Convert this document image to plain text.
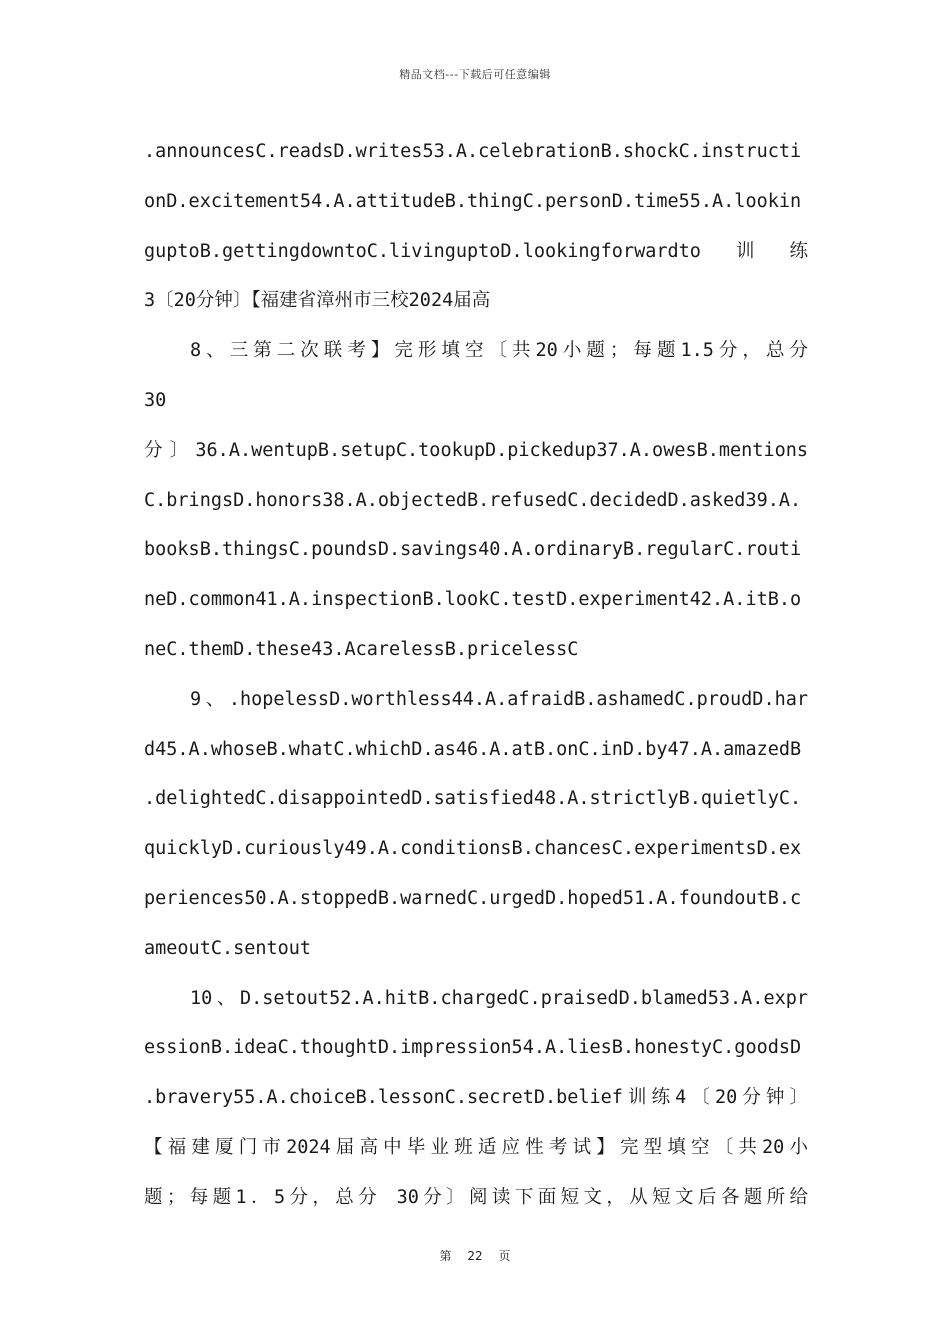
精品文档---下载后可任意编辑
.announcesC.readsD.writes53.A.celebrationB.shockC.instructi
onD.excitement54.A.attitudeB.thingC.personD.time55.A.lookin
guptoB.gettingdowntoC.livinguptoD.lookingforwardto　训　练
3〔20分钟〕【福建省漳州市三校2024届高
8、三第二次联考】完形填空〔共20小题；每题1.5分，总分
30
分〕36.A.wentupB.setupC.tookupD.pickedup37.A.owesB.mentions
C.bringsD.honors38.A.objectedB.refusedC.decidedD.asked39.A.
booksB.thingsC.poundsD.savings40.A.ordinaryB.regularC.routi
neD.common41.A.inspectionB.lookC.testD.experiment42.A.itB.o
neC.themD.these43.AcarelessB.pricelessC
9、.hopelessD.worthless44.A.afraidB.ashamedC.proudD.har
d45.A.whoseB.whatC.whichD.as46.A.atB.onC.inD.by47.A.amazedB
.delightedC.disappointedD.satisfied48.A.strictlyB.quietlyC.
quicklyD.curiously49.A.conditionsB.chancesC.experimentsD.ex
periences50.A.stoppedB.warnedC.urgedD.hoped51.A.foundoutB.c
ameoutC.sentout
10、D.setout52.A.hitB.chargedC.praisedD.blamed53.A.expr
essionB.ideaC.thoughtD.impression54.A.liesB.honestyC.goodsD
.bravery55.A.choiceB.lessonC.secretD.belief训练4〔20分钟〕
【福建厦门市2024届高中毕业班适应性考试】完型填空〔共20小
题；每题1．5分，总分 30分〕阅读下面短文，从短文后各题所给
第 22 页
